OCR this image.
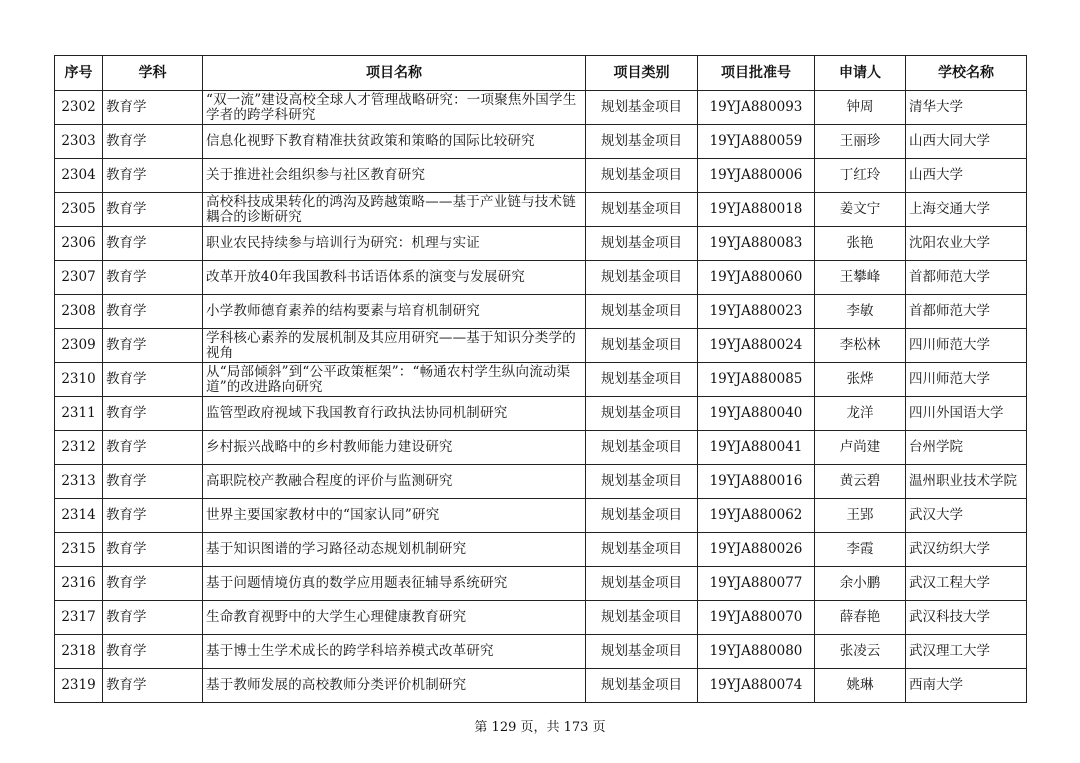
序号	学科	项目名称	项目类别	项目批准号	申请人	学校名称
2302	教育学	“双一流”建设高校全球人才管理战略研究：一项聚焦外国学生学者的跨学科研究	规划基金项目	19YJA880093	钟周	清华大学
2303	教育学	信息化视野下教育精准扶贫政策和策略的国际比较研究	规划基金项目	19YJA880059	王丽珍	山西大同大学
2304	教育学	关于推进社会组织参与社区教育研究	规划基金项目	19YJA880006	丁红玲	山西大学
2305	教育学	高校科技成果转化的鸿沟及跨越策略——基于产业链与技术链耦合的诊断研究	规划基金项目	19YJA880018	姜文宁	上海交通大学
2306	教育学	职业农民持续参与培训行为研究：机理与实证	规划基金项目	19YJA880083	张艳	沈阳农业大学
2307	教育学	改革开放40年我国教科书话语体系的演变与发展研究	规划基金项目	19YJA880060	王攀峰	首都师范大学
2308	教育学	小学教师德育素养的结构要素与培育机制研究	规划基金项目	19YJA880023	李敏	首都师范大学
2309	教育学	学科核心素养的发展机制及其应用研究——基于知识分类学的视角	规划基金项目	19YJA880024	李松林	四川师范大学
2310	教育学	从“局部倾斜”到“公平政策框架”：“畅通农村学生纵向流动渠道”的改进路向研究	规划基金项目	19YJA880085	张烨	四川师范大学
2311	教育学	监管型政府视域下我国教育行政执法协同机制研究	规划基金项目	19YJA880040	龙洋	四川外国语大学
2312	教育学	乡村振兴战略中的乡村教师能力建设研究	规划基金项目	19YJA880041	卢尚建	台州学院
2313	教育学	高职院校产教融合程度的评价与监测研究	规划基金项目	19YJA880016	黄云碧	温州职业技术学院
2314	教育学	世界主要国家教材中的“国家认同”研究	规划基金项目	19YJA880062	王郢	武汉大学
2315	教育学	基于知识图谱的学习路径动态规划机制研究	规划基金项目	19YJA880026	李霞	武汉纺织大学
2316	教育学	基于问题情境仿真的数学应用题表征辅导系统研究	规划基金项目	19YJA880077	余小鹏	武汉工程大学
2317	教育学	生命教育视野中的大学生心理健康教育研究	规划基金项目	19YJA880070	薛春艳	武汉科技大学
2318	教育学	基于博士生学术成长的跨学科培养模式改革研究	规划基金项目	19YJA880080	张凌云	武汉理工大学
2319	教育学	基于教师发展的高校教师分类评价机制研究	规划基金项目	19YJA880074	姚琳	西南大学
第 129 页，共 173 页
